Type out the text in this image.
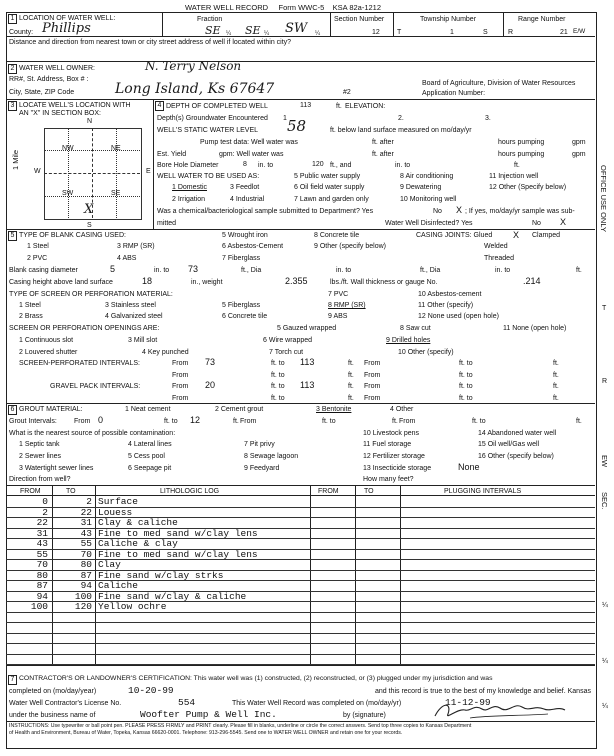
WATER WELL RECORD Form WWC-5 KSA 82a-1212
1 LOCATION OF WATER WELL:
County: Phillips
Fraction
SE ¼ SE ¼ SW ¼
Section Number
12
Township Number
T	1	S
Range Number
R	21 E/W
Distance and direction from nearest town or city street address of well if located within city?
2 WATER WELL OWNER:	N. Terry Nelson
RR#, St. Address, Box # :
City, State, ZIP Code	Long Island, Ks 67647	#2
Board of Agriculture, Division of Water Resources
Application Number:
3 LOCATE WELL'S LOCATION WITH
AN "X" IN SECTION BOX:
N
S
W	E
1 Mile
NW	NE
SW	SE
X
4 DEPTH OF COMPLETED WELL	113	ft. ELEVATION:
Depth(s) Groundwater Encountered 1	2.	3.
WELL'S STATIC WATER LEVEL 58	ft. below land surface measured on mo/day/yr
Pump test data: Well water was	ft. after	hours pumping	gpm
Est. Yield	gpm: Well water was	ft. after	hours pumping	gpm
Bore Hole Diameter	8 in. to	120 ft., and	in. to	ft.
WELL WATER TO BE USED AS:	5 Public water supply	8 Air conditioning	11 Injection well
1 Domestic	3 Feedlot	6 Oil field water supply	9 Dewatering	12 Other (Specify below)
2 Irrigation	4 Industrial	7 Lawn and garden only	10 Monitoring well
Was a chemical/bacteriological sample submitted to Department? Yes	No X ; If yes, mo/day/yr sample was sub-
mitted	Water Well Disinfected? Yes	No X
5 TYPE OF BLANK CASING USED:	5 Wrought iron	8 Concrete tile	CASING JOINTS: Glued X Clamped
1 Steel	3 RMP (SR)	6 Asbestos-Cement	9 Other (specify below)	Welded
2 PVC	4 ABS	7 Fiberglass	Threaded
Blank casing diameter	5	in. to 73	ft., Dia	in. to	ft., Dia	in. to	ft.
Casing height above land surface	18	in., weight	2.355	lbs./ft. Wall thickness or gauge No.	.214
TYPE OF SCREEN OR PERFORATION MATERIAL:	7 PVC	10 Asbestos-cement
1 Steel	3 Stainless steel	5 Fiberglass	8 RMP (SR)	11 Other (specify)
2 Brass	4 Galvanized steel	6 Concrete tile	9 ABS	12 None used (open hole)
SCREEN OR PERFORATION OPENINGS ARE:	5 Gauzed wrapped	8 Saw cut	11 None (open hole)
1 Continuous slot	3 Mill slot	6 Wire wrapped	9 Drilled holes
2 Louvered shutter	4 Key punched	7 Torch cut	10 Other (specify)
SCREEN-PERFORATED INTERVALS:	From 73	ft. to 113	ft. From	ft. to	ft.
From	ft. to	ft. From	ft. to	ft.
GRAVEL PACK INTERVALS:	From 20	ft. to 113	ft. From	ft. to	ft.
From	ft. to	ft. From	ft. to	ft.
6 GROUT MATERIAL:	1 Neat cement	2 Cement grout	3 Bentonite	4 Other
Grout Intervals: From 0	ft. to 12	ft. From	ft. to	ft. From	ft. to	ft.
What is the nearest source of possible contamination:	10 Livestock pens	14 Abandoned water well
1 Septic tank	4 Lateral lines	7 Pit privy	11 Fuel storage	15 Oil well/Gas well
2 Sewer lines	5 Cess pool	8 Sewage lagoon	12 Fertilizer storage	16 Other (specify below)
3 Watertight sewer lines	6 Seepage pit	9 Feedyard	13 Insecticide storage	None
Direction from well?	How many feet?
FROM	TO	LITHOLOGIC LOG	FROM	TO	PLUGGING INTERVALS
0	2 Surface
2	22 Louess
22	31 Clay & caliche
31	43 Fine to med sand w/clay lens
43	55 Caliche & clay
55	70 Fine to med sand w/clay lens
70	80 Clay
80	87 Fine sand w/clay strks
87	94 Caliche
94	100 Fine sand w/clay & caliche
100	120 Yellow ochre
7 CONTRACTOR'S OR LANDOWNER'S CERTIFICATION: This water well was (1) constructed, (2) reconstructed, or (3) plugged under my jurisdiction and was
completed on (mo/day/year)	10-20-99	and this record is true to the best of my knowledge and belief. Kansas
Water Well Contractor's License No.	554	This Water Well Record was completed on (mo/day/yr)	11-12-99
under the business name of	Woofter Pump & Well Inc.	by (signature)
INSTRUCTIONS: Use typewriter or ball point pen. PLEASE PRESS FIRMLY and PRINT clearly. Please fill in blanks, underline or circle the correct answers. Send top three copies to Kansas Department
of Health and Environment, Bureau of Water, Topeka, Kansas 66620-0001. Telephone: 913-296-5545. Send one to WATER WELL OWNER and retain one for your records.
OFFICE USE ONLY
T
R
EW
SEC.
¼
¼
¼
